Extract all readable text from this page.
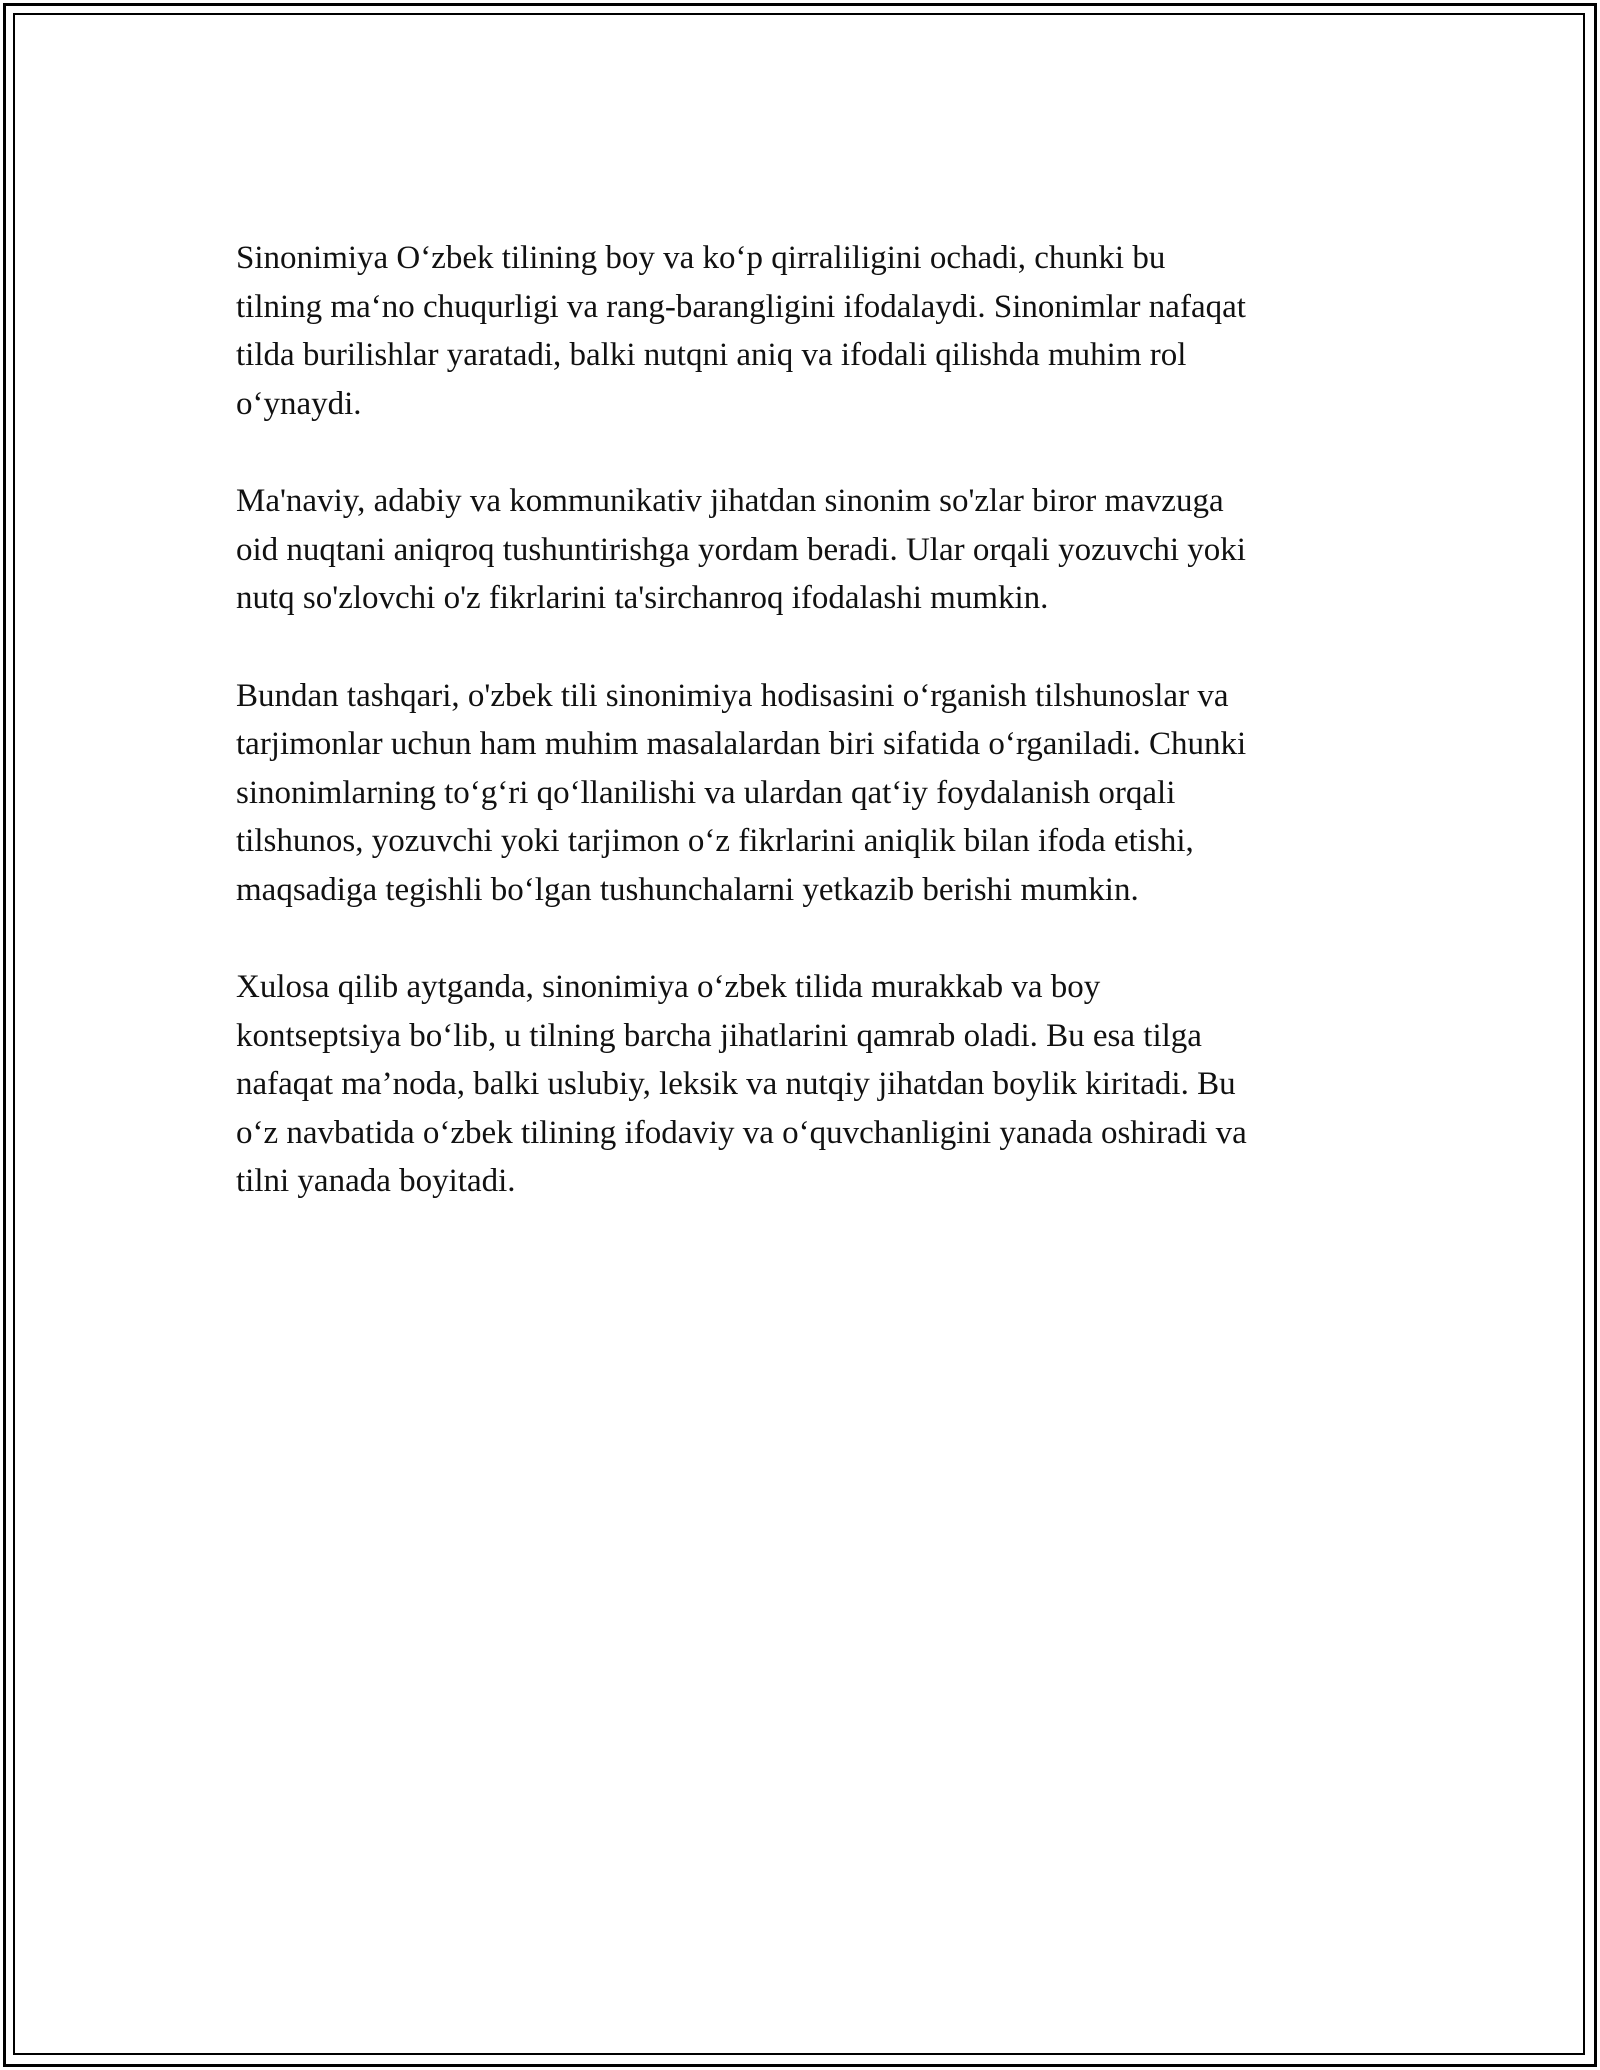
Sinonimiya O‘zbek tilining boy va ko‘p qirraliligini ochadi, chunki bu
tilning ma‘no chuqurligi va rang-barangligini ifodalaydi. Sinonimlar nafaqat
tilda burilishlar yaratadi, balki nutqni aniq va ifodali qilishda muhim rol
o‘ynaydi.

Ma'naviy, adabiy va kommunikativ jihatdan sinonim so'zlar biror mavzuga
oid nuqtani aniqroq tushuntirishga yordam beradi. Ular orqali yozuvchi yoki
nutq so'zlovchi o'z fikrlarini ta'sirchanroq ifodalashi mumkin.

Bundan tashqari, o'zbek tili sinonimiya hodisasini o‘rganish tilshunoslar va
tarjimonlar uchun ham muhim masalalardan biri sifatida o‘rganiladi. Chunki
sinonimlarning to‘g‘ri qo‘llanilishi va ulardan qat‘iy foydalanish orqali
tilshunos, yozuvchi yoki tarjimon o‘z fikrlarini aniqlik bilan ifoda etishi,
maqsadiga tegishli bo‘lgan tushunchalarni yetkazib berishi mumkin.

Xulosa qilib aytganda, sinonimiya o‘zbek tilida murakkab va boy
kontseptsiya bo‘lib, u tilning barcha jihatlarini qamrab oladi. Bu esa tilga
nafaqat ma’noda, balki uslubiy, leksik va nutqiy jihatdan boylik kiritadi. Bu
o‘z navbatida o‘zbek tilining ifodaviy va o‘quvchanligini yanada oshiradi va
tilni yanada boyitadi.
